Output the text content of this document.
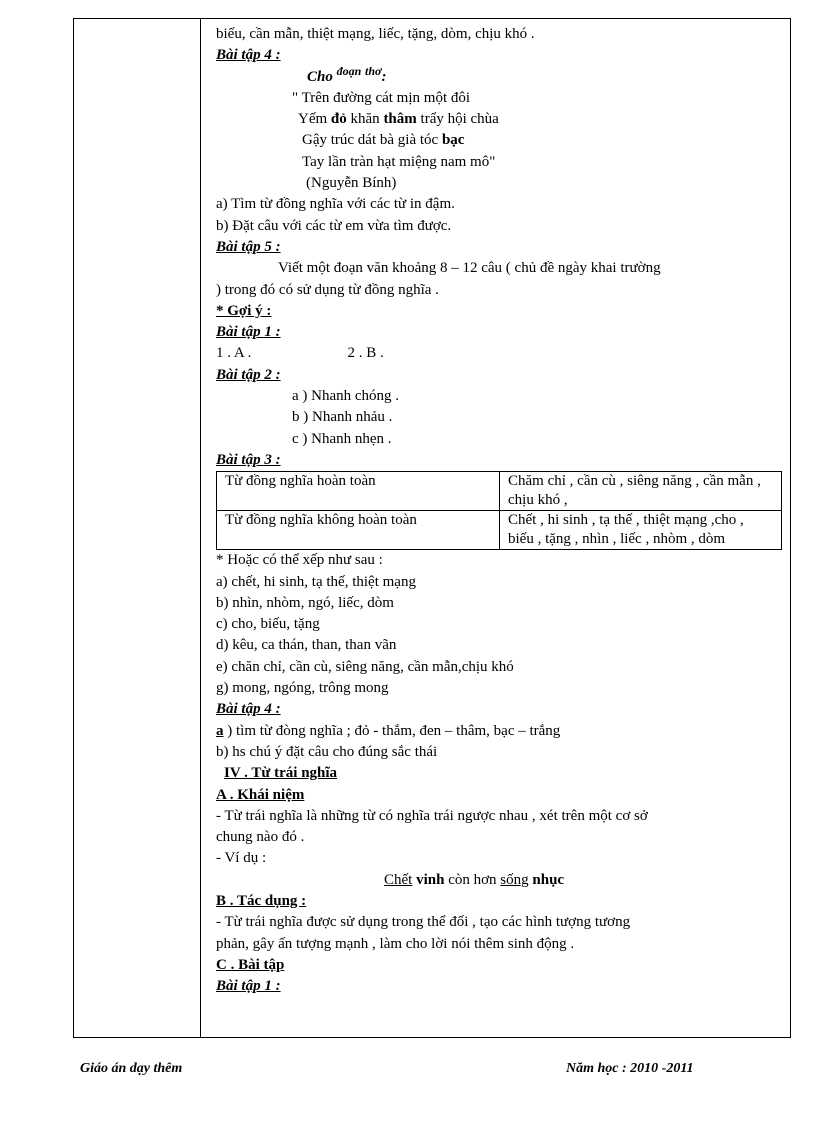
biếu, cần mẫn, thiệt mạng, liếc, tặng, dòm, chịu khó .
Bài tập 4 :
Cho $^{đoạn}$ $^{thơ}$:
" Trên đường cát mịn một đôi
Yếm đỏ khăn thâm trẩy hội chùa
Gậy trúc dát bà già tóc bạc
Tay lần tràn hạt miệng nam mô"
(Nguyễn Bính)
a) Tìm từ đồng nghĩa với các từ in đậm.
b) Đặt câu với các từ em vừa tìm được.
Bài tập 5 :
Viết một đoạn văn khoảng 8 – 12 câu ( chủ đề ngày khai trường
) trong đó có sử dụng từ đồng nghĩa .
* Gợi ý :
Bài tập 1 :
1 . A .	2 . B .
Bài tập 2 :
a ) Nhanh chóng .
b ) Nhanh nhảu .
c ) Nhanh nhẹn .
Bài tập 3 :
Từ đồng nghĩa hoàn toàn	Chăm chỉ , cần cù , siêng năng , cần mẫn , chịu khó ,
Từ đồng nghĩa không hoàn toàn	Chết , hi sinh , tạ thế , thiệt mạng ,cho , biếu , tặng , nhìn , liếc , nhòm , dòm
* Hoặc có thể xếp như sau :
a) chết, hi sinh, tạ thế, thiệt mạng
b) nhìn, nhòm, ngó, liếc, dòm
c) cho, biếu, tặng
d) kêu, ca thán, than, than vãn
e) chăn chỉ, cần cù, siêng năng, cần mẫn,chịu khó
g) mong, ngóng, trông mong
Bài tập 4 :
a ) tìm từ đòng nghĩa ; đỏ - thắm, đen – thâm, bạc – trắng
b) hs chú ý đặt câu cho đúng sắc thái
IV . Từ trái nghĩa
A . Khái niệm
- Từ trái nghĩa là những từ có nghĩa trái ngược nhau , xét trên một cơ sở
chung nào đó .
- Ví dụ :
Chết vinh còn hơn sống nhục
B . Tác dụng :
- Từ trái nghĩa được sử dụng trong thể đối , tạo các hình tượng tương
phản, gây ấn tượng mạnh , làm cho lời nói thêm sinh động .
C . Bài tập
Bài tập 1 :
Giáo án dạy thêm	Năm học : 2010 -2011
